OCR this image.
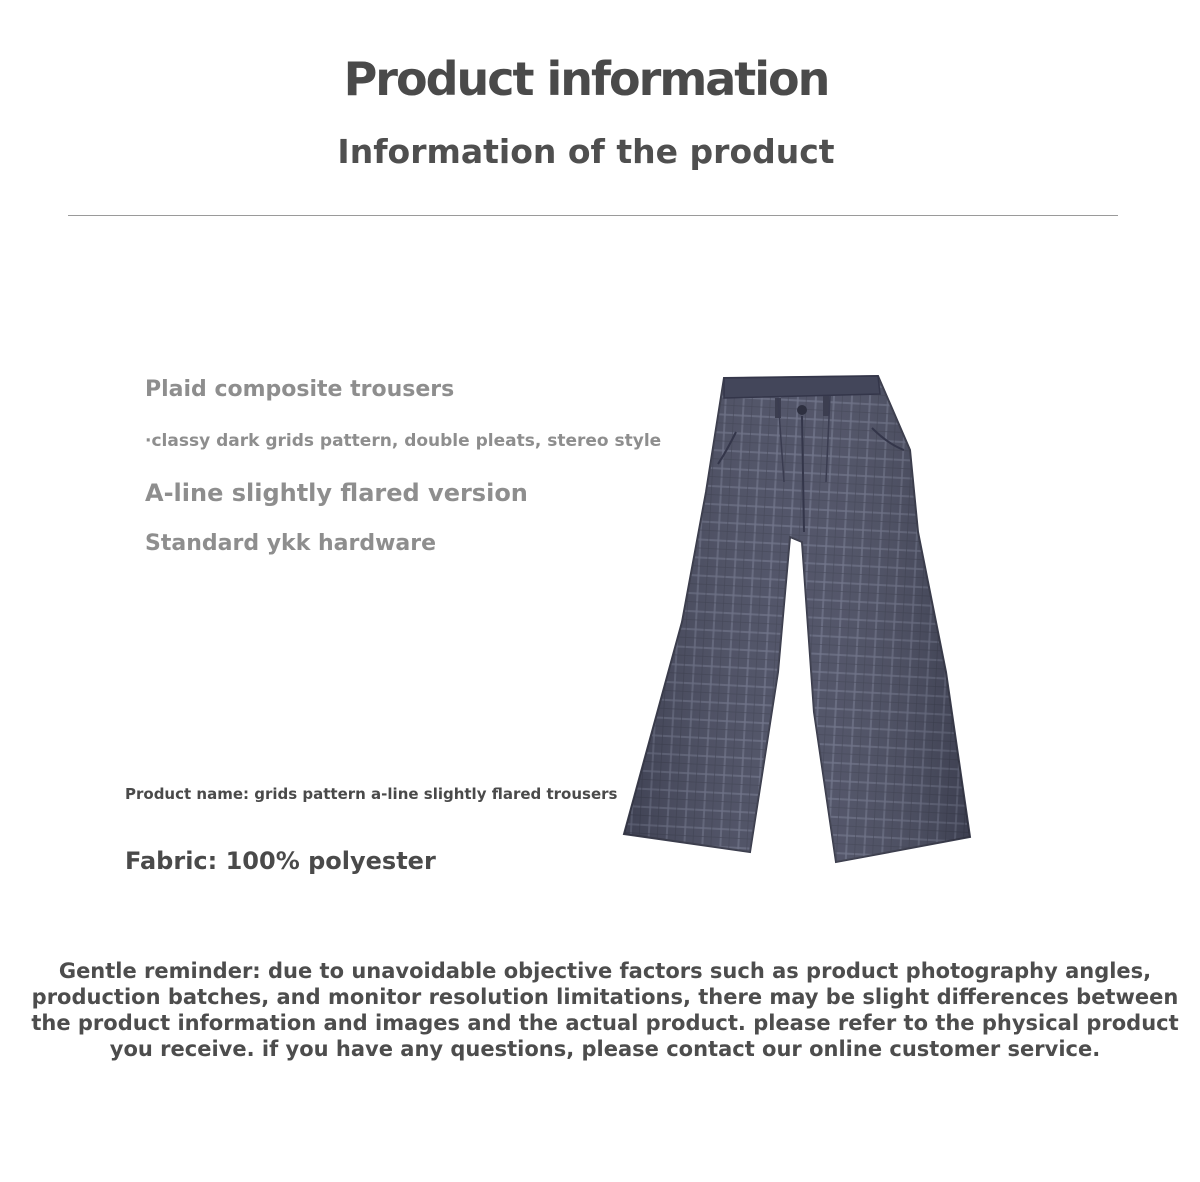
Product information
Information of the product
Plaid composite trousers
·classy dark grids pattern, double pleats, stereo style
A-line slightly flared version
Standard ykk hardware
Product name: grids pattern a-line slightly flared trousers
Fabric: 100% polyester
Gentle reminder: due to unavoidable objective factors such as product photography angles, production batches, and monitor resolution limitations, there may be slight differences between the product information and images and the actual product. please refer to the physical product you receive. if you have any questions, please contact our online customer service.
